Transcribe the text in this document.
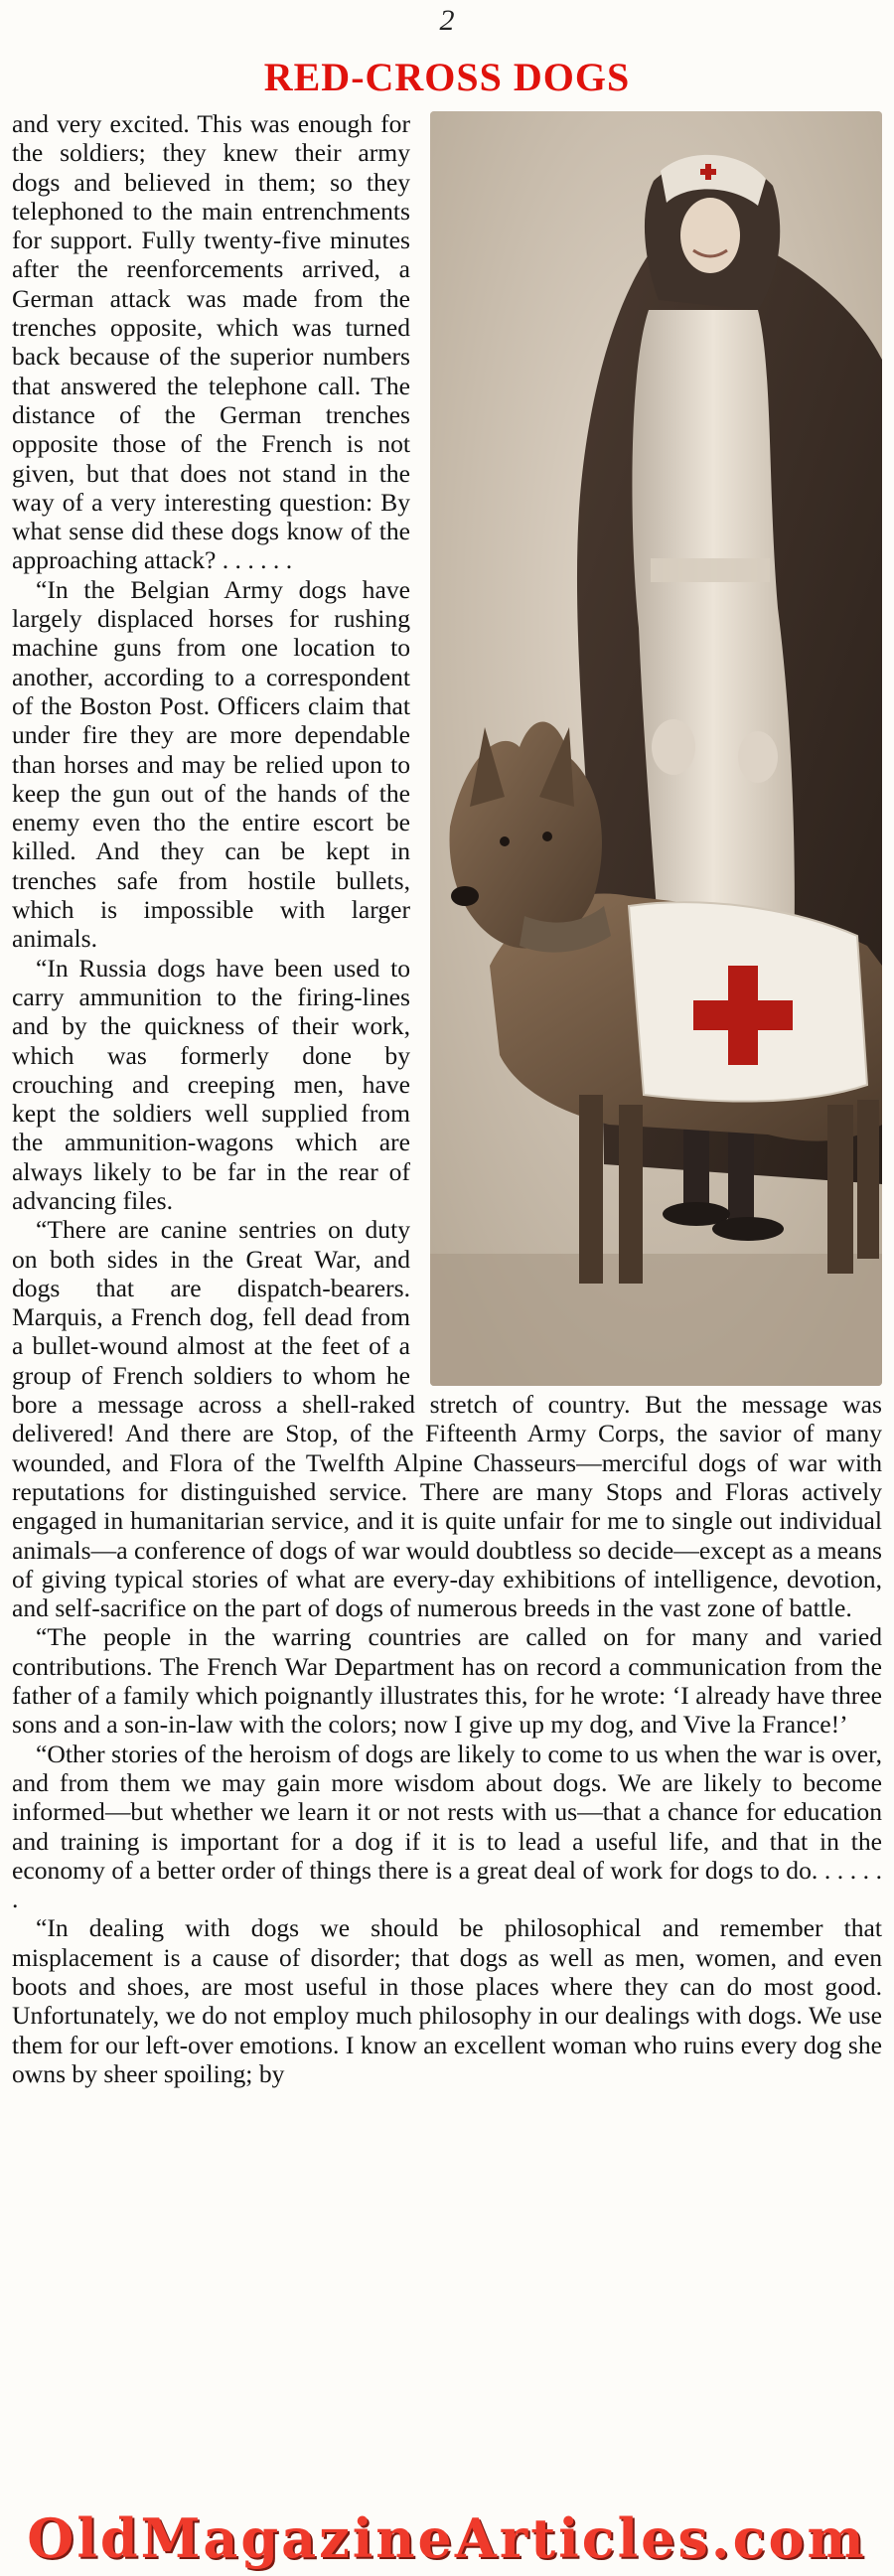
2
RED-CROSS DOGS

and very excited. This was enough for the soldiers; they knew their army dogs and believed in them; so they telephoned to the main entrenchments for support. Fully twenty-five minutes after the reenforcements arrived, a German attack was made from the trenches opposite, which was turned back because of the superior numbers that answered the telephone call. The distance of the German trenches opposite those of the French is not given, but that does not stand in the way of a very interesting question: By what sense did these dogs know of the approaching attack? . . . . . .

“In the Belgian Army dogs have largely displaced horses for rushing machine guns from one location to another, according to a correspondent of the Boston Post. Officers claim that under fire they are more dependable than horses and may be relied upon to keep the gun out of the hands of the enemy even tho the entire escort be killed. And they can be kept in trenches safe from hostile bullets, which is impossible with larger animals.

“In Russia dogs have been used to carry ammunition to the firing-lines and by the quickness of their work, which was formerly done by crouching and creeping men, have kept the soldiers well supplied from the ammunition-wagons which are always likely to be far in the rear of advancing files.

“There are canine sentries on duty on both sides in the Great War, and dogs that are dispatch-bearers. Marquis, a French dog, fell dead from a bullet-wound almost at the feet of a group of French soldiers to whom he bore a message across a shell-raked stretch of country. But the message was delivered! And there are Stop, of the Fifteenth Army Corps, the savior of many wounded, and Flora of the Twelfth Alpine Chasseurs—merciful dogs of war with reputations for distinguished service. There are many Stops and Floras actively engaged in humanitarian service, and it is quite unfair for me to single out individual animals—a conference of dogs of war would doubtless so decide—except as a means of giving typical stories of what are every-day exhibitions of intelligence, devotion, and self-sacrifice on the part of dogs of numerous breeds in the vast zone of battle.

“The people in the warring countries are called on for many and varied contributions. The French War Department has on record a communication from the father of a family which poignantly illustrates this, for he wrote: ‘I already have three sons and a son-in-law with the colors; now I give up my dog, and Vive la France!’

“Other stories of the heroism of dogs are likely to come to us when the war is over, and from them we may gain more wisdom about dogs. We are likely to become informed—but whether we learn it or not rests with us—that a chance for education and training is important for a dog if it is to lead a useful life, and that in the economy of a better order of things there is a great deal of work for dogs to do. . . . . . .

“In dealing with dogs we should be philosophical and remember that misplacement is a cause of disorder; that dogs as well as men, women, and even boots and shoes, are most useful in those places where they can do most good. Unfortunately, we do not employ much philosophy in our dealings with dogs. We use them for our left-over emotions. I know an excellent woman who ruins every dog she owns by sheer spoiling; by

OldMagazineArticles.com
